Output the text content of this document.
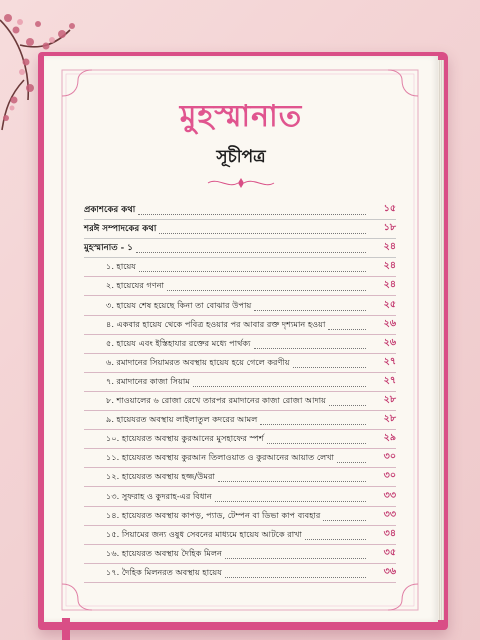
মুহস্মানাত
সূচীপত্র
প্রকাশকের কথা	১৫
শরঈ সম্পাদকের কথা	১৮
মুহস্মানাত - ১	২৪
১. হায়েয	২৪
২. হায়েযের গণনা	২৪
৩. হায়েয শেষ হয়েছে কিনা তা বোঝার উপায়	২৫
৪. একবার হায়েয থেকে পবিত্র হওয়ার পর আবার রক্ত দৃশ্যমান হওয়া	২৬
৫. হায়েয এবং ইস্তিহাযার রক্তের মধ্যে পার্থক্য	২৬
৬. রমাদানের সিয়ামরত অবস্থায় হায়েয হয়ে গেলে করণীয়	২৭
৭. রমাদানের কাজা সিয়াম	২৭
৮. শাওয়ালের ৬ রোজা রেখে তারপর রমাদানের কাজা রোজা আদায়	২৮
৯. হায়েযরত অবস্থায় লাইলাতুল কদরের আমল	২৮
১০. হায়েযরত অবস্থায় কুরআনের মুসহাফের স্পর্শ	২৯
১১. হায়েযরত অবস্থায় কুরআন তিলাওয়াত ও কুরআনের আয়াত লেখা	৩০
১২. হায়েযরত অবস্থায় হজ্জ/উমরা	৩০
১৩. সুফরাহ ও কুদরাহ-এর বিধান	৩৩
১৪. হায়েযরত অবস্থায় কাপড়, প্যাড, টেম্পন বা ডিভা কাপ ব্যবহার	৩৩
১৫. সিয়ামের জন্য ওষুধ সেবনের মাধ্যমে হায়েয আটকে রাখা	৩৪
১৬. হায়েযরত অবস্থায় দৈহিক মিলন	৩৫
১৭. দৈহিক মিলনরত অবস্থায় হায়েয	৩৬
